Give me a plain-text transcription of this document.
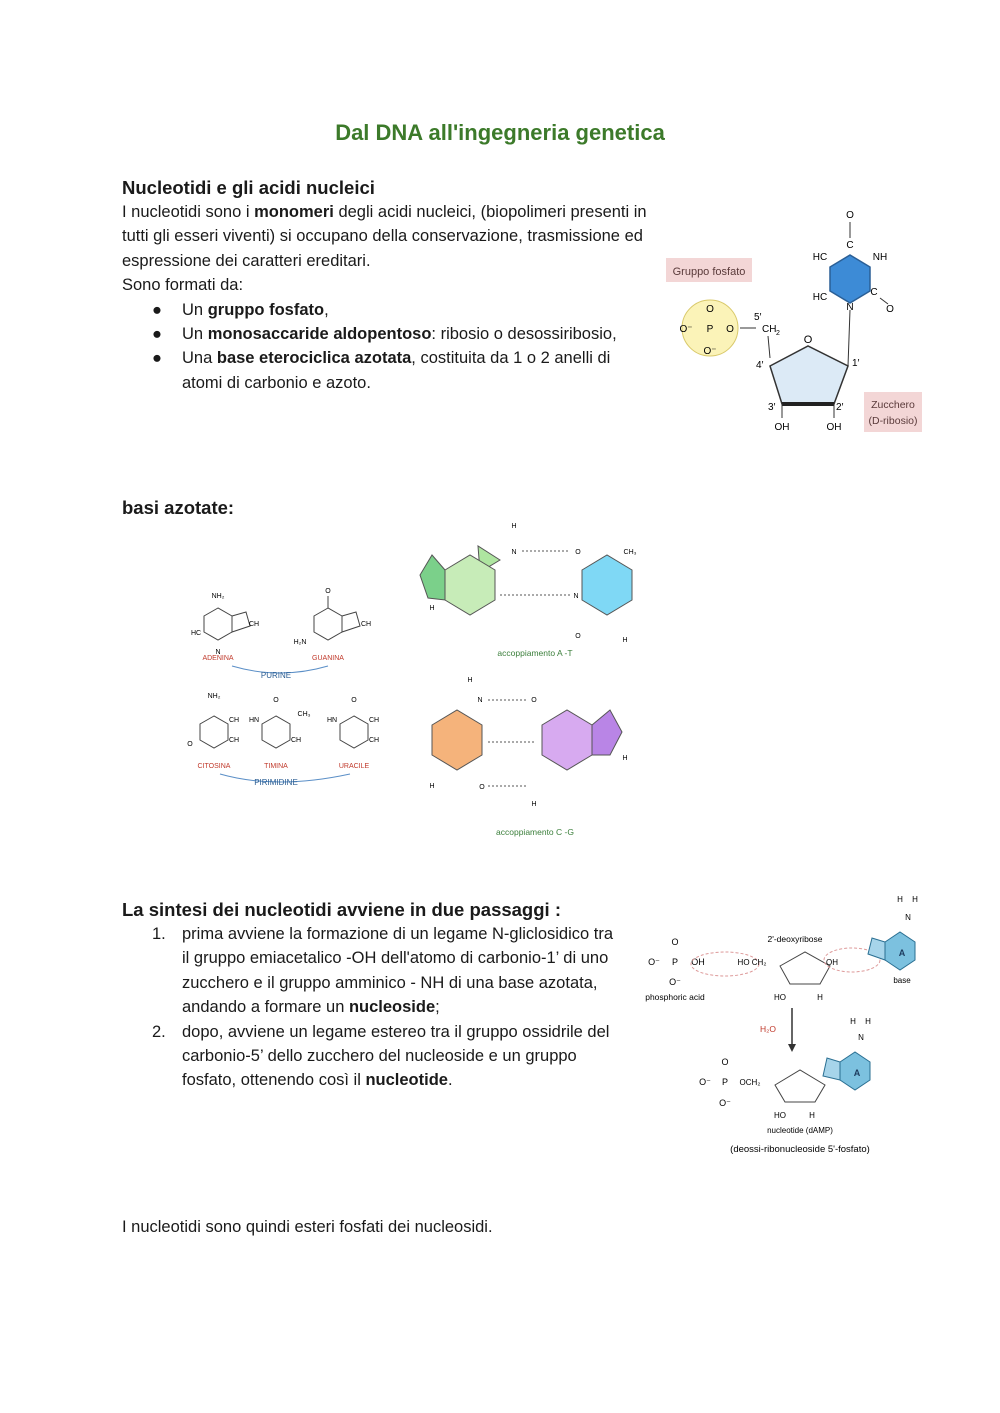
Dal DNA all'ingegneria genetica
Nucleotidi e gli acidi nucleici
I nucleotidi sono i monomeri degli acidi nucleici, (biopolimeri presenti in tutti gli esseri viventi) si occupano della conservazione, trasmissione ed espressione dei caratteri ereditari.
Sono formati da:
● Un gruppo fosfato,
● Un monosaccaride aldopentoso: ribosio o desossiribosio,
● Una base eterociclica azotata, costituita da 1 o 2 anelli di atomi di carbonio e azoto.
Gruppo fosfato
O
P
O⁻	O
O⁻
CH 2
5′
O
4′
3′	2′
1′
OH	OH
N
HC
HC
NH
C
C
O
O
Zucchero
(D-ribosio)
basi azotate:
NH₂
HC
CH
N
ADENINA
O
H₂N
CH
GUANINA
PURINE
NH₂
CH
CH
O
CITOSINA
O
CH₃
HN
CH
TIMINA
O
HN	CH
CH
URACILE
PIRIMIDINE
N
H
O
N
CH₃
O
H
H
accoppiamento A -T
H
N	O
O
H
H
H
accoppiamento C -G
La sintesi dei nucleotidi avviene in due passaggi :
1. prima avviene la formazione di un legame N-gliclosidico tra il gruppo emiacetalico -OH dell'atomo di carbonio-1’ di uno zucchero e il gruppo amminico - NH di una base azotata, andando a formare un nucleoside;
2. dopo, avviene un legame estereo tra il gruppo ossidrile del carbonio-5’ dello zucchero del nucleoside e un gruppo fosfato, ottenendo così il nucleotide.
O
O⁻ P OH
O⁻
phosphoric acid
2'-deoxyribose
HO CH₂
HO	H
OH
A
H H
N
base
H₂O
O
O⁻ P OCH₂
O⁻
HO	H
A
H H
N
nucleotide (dAMP)
(deossi-ribonucleoside 5'-fosfato)
I nucleotidi sono quindi esteri fosfati dei nucleosidi.
